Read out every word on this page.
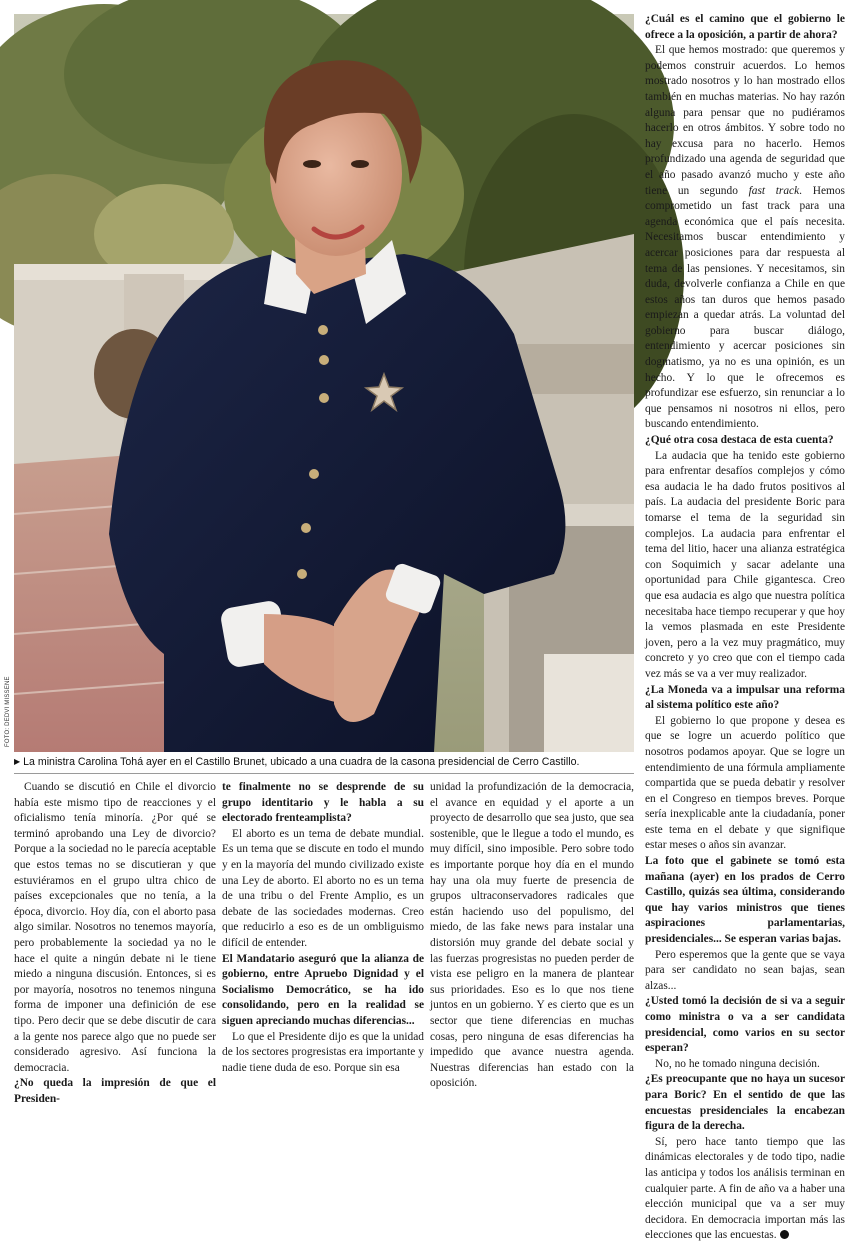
FOTO: DEDVI MISSENE
▶ La ministra Carolina Tohá ayer en el Castillo Brunet, ubicado a una cuadra de la casona presidencial de Cerro Castillo.

Cuando se discutió en Chile el divorcio había este mismo tipo de reacciones y el oficialismo tenía minoría. ¿Por qué se terminó aprobando una Ley de divorcio? Porque a la sociedad no le parecía aceptable que estos temas no se discutieran y que estuviéramos en el grupo ultra chico de países excepcionales que no tenía, a la época, divorcio. Hoy día, con el aborto pasa algo similar. Nosotros no tenemos mayoría, pero probablemente la sociedad ya no le hace el quite a ningún debate ni le tiene miedo a ninguna discusión. Entonces, si es por mayoría, nosotros no tenemos ninguna forma de imponer una definición de ese tipo. Pero decir que se debe discutir de cara a la gente nos parece algo que no puede ser considerado agresivo. Así funciona la democracia.

¿No queda la impresión de que el Presiden-

te finalmente no se desprende de su grupo identitario y le habla a su electorado frenteamplista?

El aborto es un tema de debate mundial. Es un tema que se discute en todo el mundo y en la mayoría del mundo civilizado existe una Ley de aborto. El aborto no es un tema de una tribu o del Frente Amplio, es un debate de las sociedades modernas. Creo que reducirlo a eso es de un ombliguismo difícil de entender.

El Mandatario aseguró que la alianza de gobierno, entre Apruebo Dignidad y el Socialismo Democrático, se ha ido consolidando, pero en la realidad se siguen apreciando muchas diferencias...

Lo que el Presidente dijo es que la unidad de los sectores progresistas era importante y nadie tiene duda de eso. Porque sin esa

unidad la profundización de la democracia, el avance en equidad y el aporte a un proyecto de desarrollo que sea justo, que sea sostenible, que le llegue a todo el mundo, es muy difícil, sino imposible. Pero sobre todo es importante porque hoy día en el mundo hay una ola muy fuerte de presencia de grupos ultraconservadores radicales que están haciendo uso del populismo, del miedo, de las fake news para instalar una distorsión muy grande del debate social y las fuerzas progresistas no pueden perder de vista ese peligro en la manera de plantear sus prioridades. Eso es lo que nos tiene juntos en un gobierno. Y es cierto que es un sector que tiene diferencias en muchas cosas, pero ninguna de esas diferencias ha impedido que avance nuestra agenda. Nuestras diferencias han estado con la oposición.

¿Cuál es el camino que el gobierno le ofrece a la oposición, a partir de ahora?

El que hemos mostrado: que queremos y podemos construir acuerdos. Lo hemos mostrado nosotros y lo han mostrado ellos también en muchas materias. No hay razón alguna para pensar que no pudiéramos hacerlo en otros ámbitos. Y sobre todo no hay excusa para no hacerlo. Hemos profundizado una agenda de seguridad que el año pasado avanzó mucho y este año tiene un segundo fast track. Hemos comprometido un fast track para una agenda económica que el país necesita. Necesitamos buscar entendimiento y acercar posiciones para dar respuesta al tema de las pensiones. Y necesitamos, sin duda, devolverle confianza a Chile en que estos años tan duros que hemos pasado empiezan a quedar atrás. La voluntad del gobierno para buscar diálogo, entendimiento y acercar posiciones sin dogmatismo, ya no es una opinión, es un hecho. Y lo que le ofrecemos es profundizar ese esfuerzo, sin renunciar a lo que pensamos ni nosotros ni ellos, pero buscando entendimiento.

¿Qué otra cosa destaca de esta cuenta?

La audacia que ha tenido este gobierno para enfrentar desafíos complejos y cómo esa audacia le ha dado frutos positivos al país. La audacia del presidente Boric para tomarse el tema de la seguridad sin complejos. La audacia para enfrentar el tema del litio, hacer una alianza estratégica con Soquimich y sacar adelante una oportunidad para Chile gigantesca. Creo que esa audacia es algo que nuestra política necesitaba hace tiempo recuperar y que hoy la vemos plasmada en este Presidente joven, pero a la vez muy pragmático, muy concreto y yo creo que con el tiempo cada vez más se va a ver muy realizador.

¿La Moneda va a impulsar una reforma al sistema político este año?

El gobierno lo que propone y desea es que se logre un acuerdo político que nosotros podamos apoyar. Que se logre un entendimiento de una fórmula ampliamente compartida que se pueda debatir y resolver en el Congreso en tiempos breves. Porque sería inexplicable ante la ciudadanía, poner este tema en el debate y que signifique estar meses o años sin avanzar.

La foto que el gabinete se tomó esta mañana (ayer) en los prados de Cerro Castillo, quizás sea última, considerando que hay varios ministros que tienes aspiraciones parlamentarias, presidenciales... Se esperan varias bajas.

Pero esperemos que la gente que se vaya para ser candidato no sean bajas, sean alzas...

¿Usted tomó la decisión de si va a seguir como ministra o va a ser candidata presidencial, como varios en su sector esperan?

No, no he tomado ninguna decisión.

¿Es preocupante que no haya un sucesor para Boric? En el sentido de que las encuestas presidenciales la encabezan figura de la derecha.

Sí, pero hace tanto tiempo que las dinámicas electorales y de todo tipo, nadie las anticipa y todos los análisis terminan en cualquier parte. A fin de año va a haber una elección municipal que va a ser muy decidora. En democracia importan más las elecciones que las encuestas.
